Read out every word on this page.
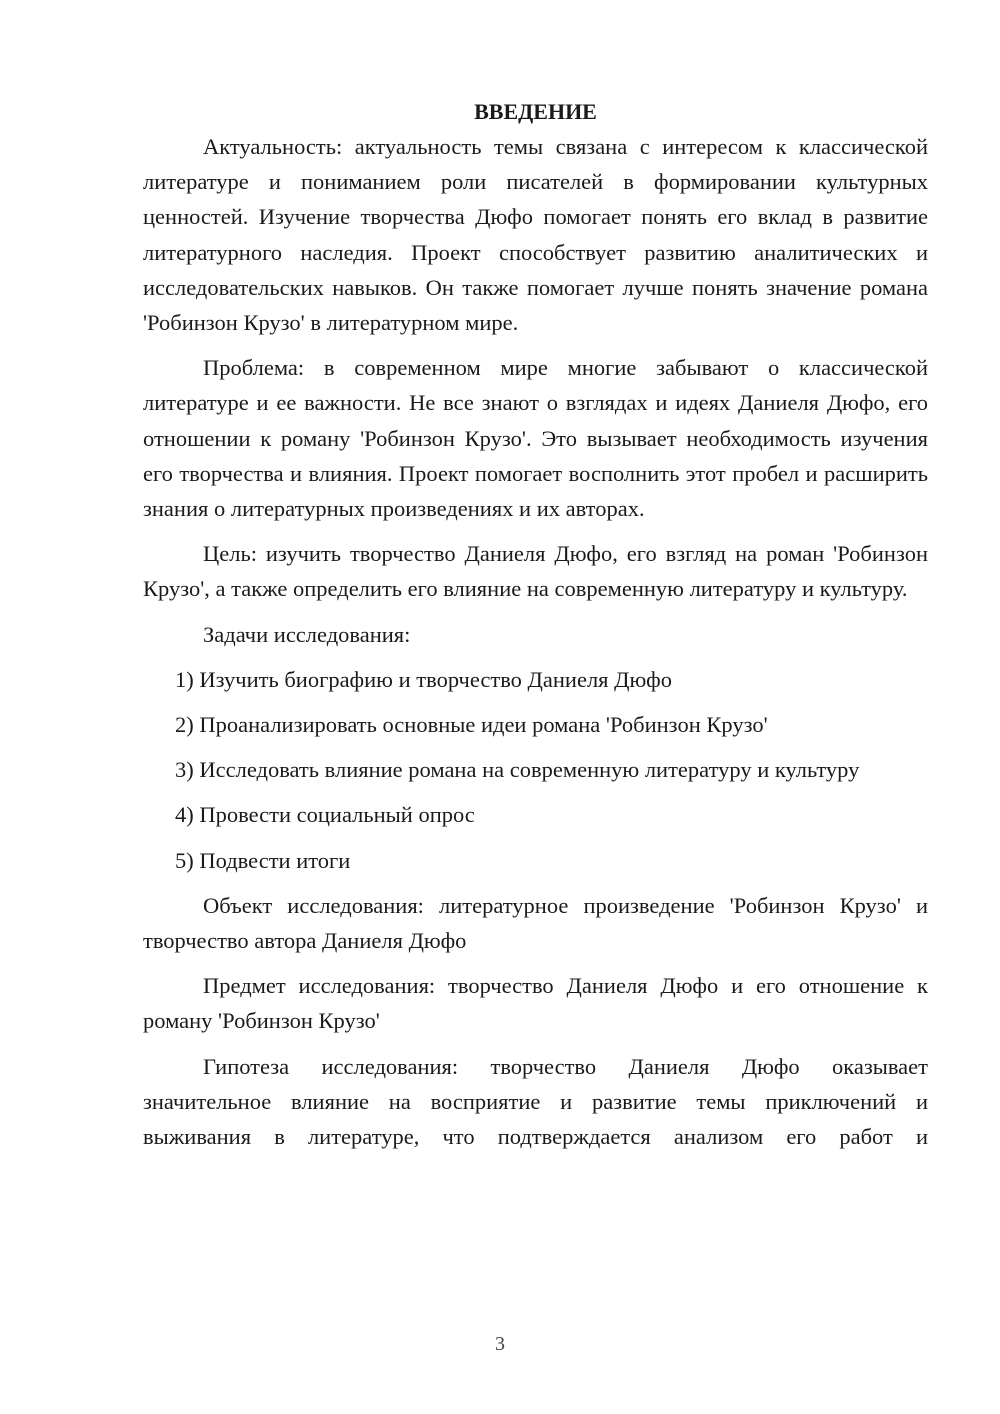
ВВЕДЕНИЕ
Актуальность: актуальность темы связана с интересом к классической литературе и пониманием роли писателей в формировании культурных ценностей. Изучение творчества Дюфо помогает понять его вклад в развитие литературного наследия. Проект способствует развитию аналитических и исследовательских навыков. Он также помогает лучше понять значение романа 'Робинзон Крузо' в литературном мире.
Проблема: в современном мире многие забывают о классической литературе и ее важности. Не все знают о взглядах и идеях Даниеля Дюфо, его отношении к роману 'Робинзон Крузо'. Это вызывает необходимость изучения его творчества и влияния. Проект помогает восполнить этот пробел и расширить знания о литературных произведениях и их авторах.
Цель: изучить творчество Даниеля Дюфо, его взгляд на роман 'Робинзон Крузо', а также определить его влияние на современную литературу и культуру.
Задачи исследования:
1) Изучить биографию и творчество Даниеля Дюфо
2) Проанализировать основные идеи романа 'Робинзон Крузо'
3) Исследовать влияние романа на современную литературу и культуру
4) Провести социальный опрос
5) Подвести итоги
Объект исследования: литературное произведение 'Робинзон Крузо' и творчество автора Даниеля Дюфо
Предмет исследования: творчество Даниеля Дюфо и его отношение к роману 'Робинзон Крузо'
Гипотеза исследования: творчество Даниеля Дюфо оказывает значительное влияние на восприятие и развитие темы приключений и выживания в литературе, что подтверждается анализом его работ и
3
